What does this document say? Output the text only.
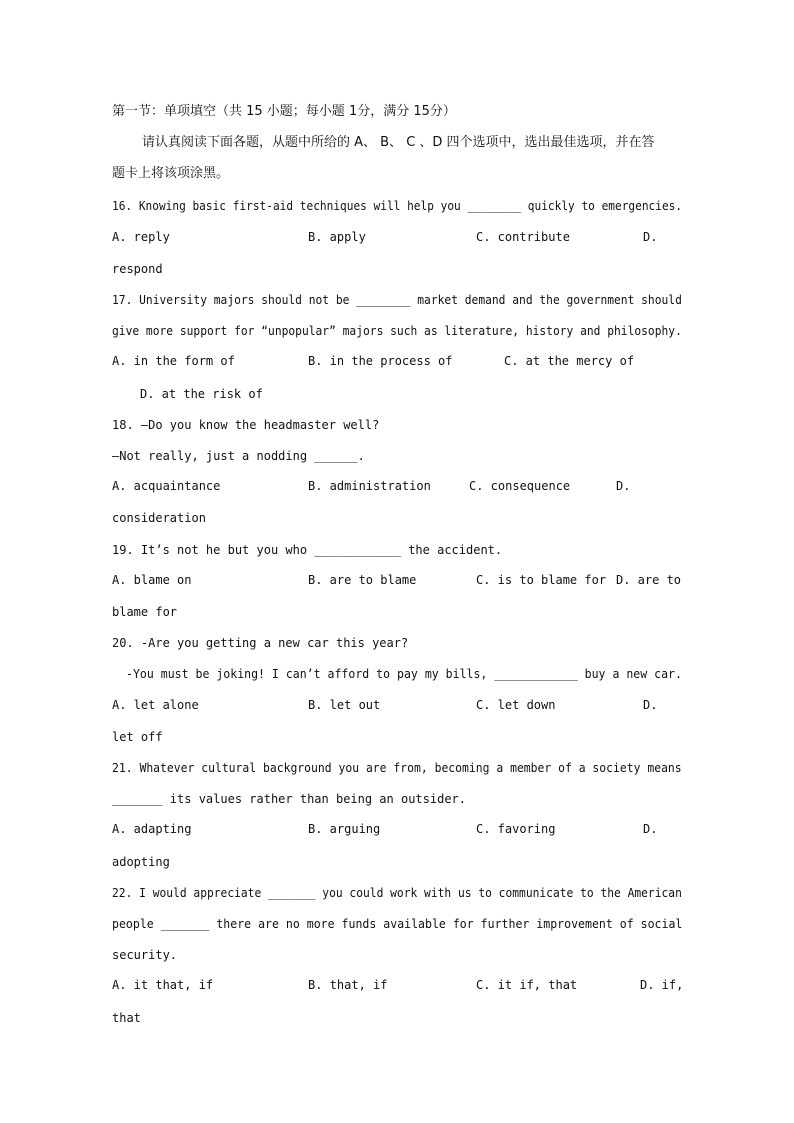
第一节：单项填空（共 15 小题；每小题 1分，满分 15分）
请认真阅读下面各题，从题中所给的 A、 B、 C 、D 四个选项中，选出最佳选项，并在答
题卡上将该项涂黑。
16. Knowing basic first-aid techniques will help you ________ quickly to emergencies.
A. reply	B. apply	C. contribute	D.
respond
17. University majors should not be ________ market demand and the government should
give more support for “unpopular” majors such as literature, history and philosophy.
A. in the form of	B. in the process of	C. at the mercy of
D. at the risk of
18. —Do you know the headmaster well?
—Not really, just a nodding ______.
A. acquaintance	B. administration	C. consequence	D.
consideration
19. It’s not he but you who ____________ the accident.
A. blame on	B. are to blame	C. is to blame for D. are to
blame for
20. -Are you getting a new car this year?
-You must be joking! I can’t afford to pay my bills, ____________ buy a new car.
A. let alone	B. let out	C. let down	D.
let off
21. Whatever cultural background you are from, becoming a member of a society means
_______ its values rather than being an outsider.
A. adapting	B. arguing	C. favoring	D.
adopting
22. I would appreciate _______ you could work with us to communicate to the American
people _______ there are no more funds available for further improvement of social
security.
A. it that, if	B. that, if	C. it if, that	D. if,
that
